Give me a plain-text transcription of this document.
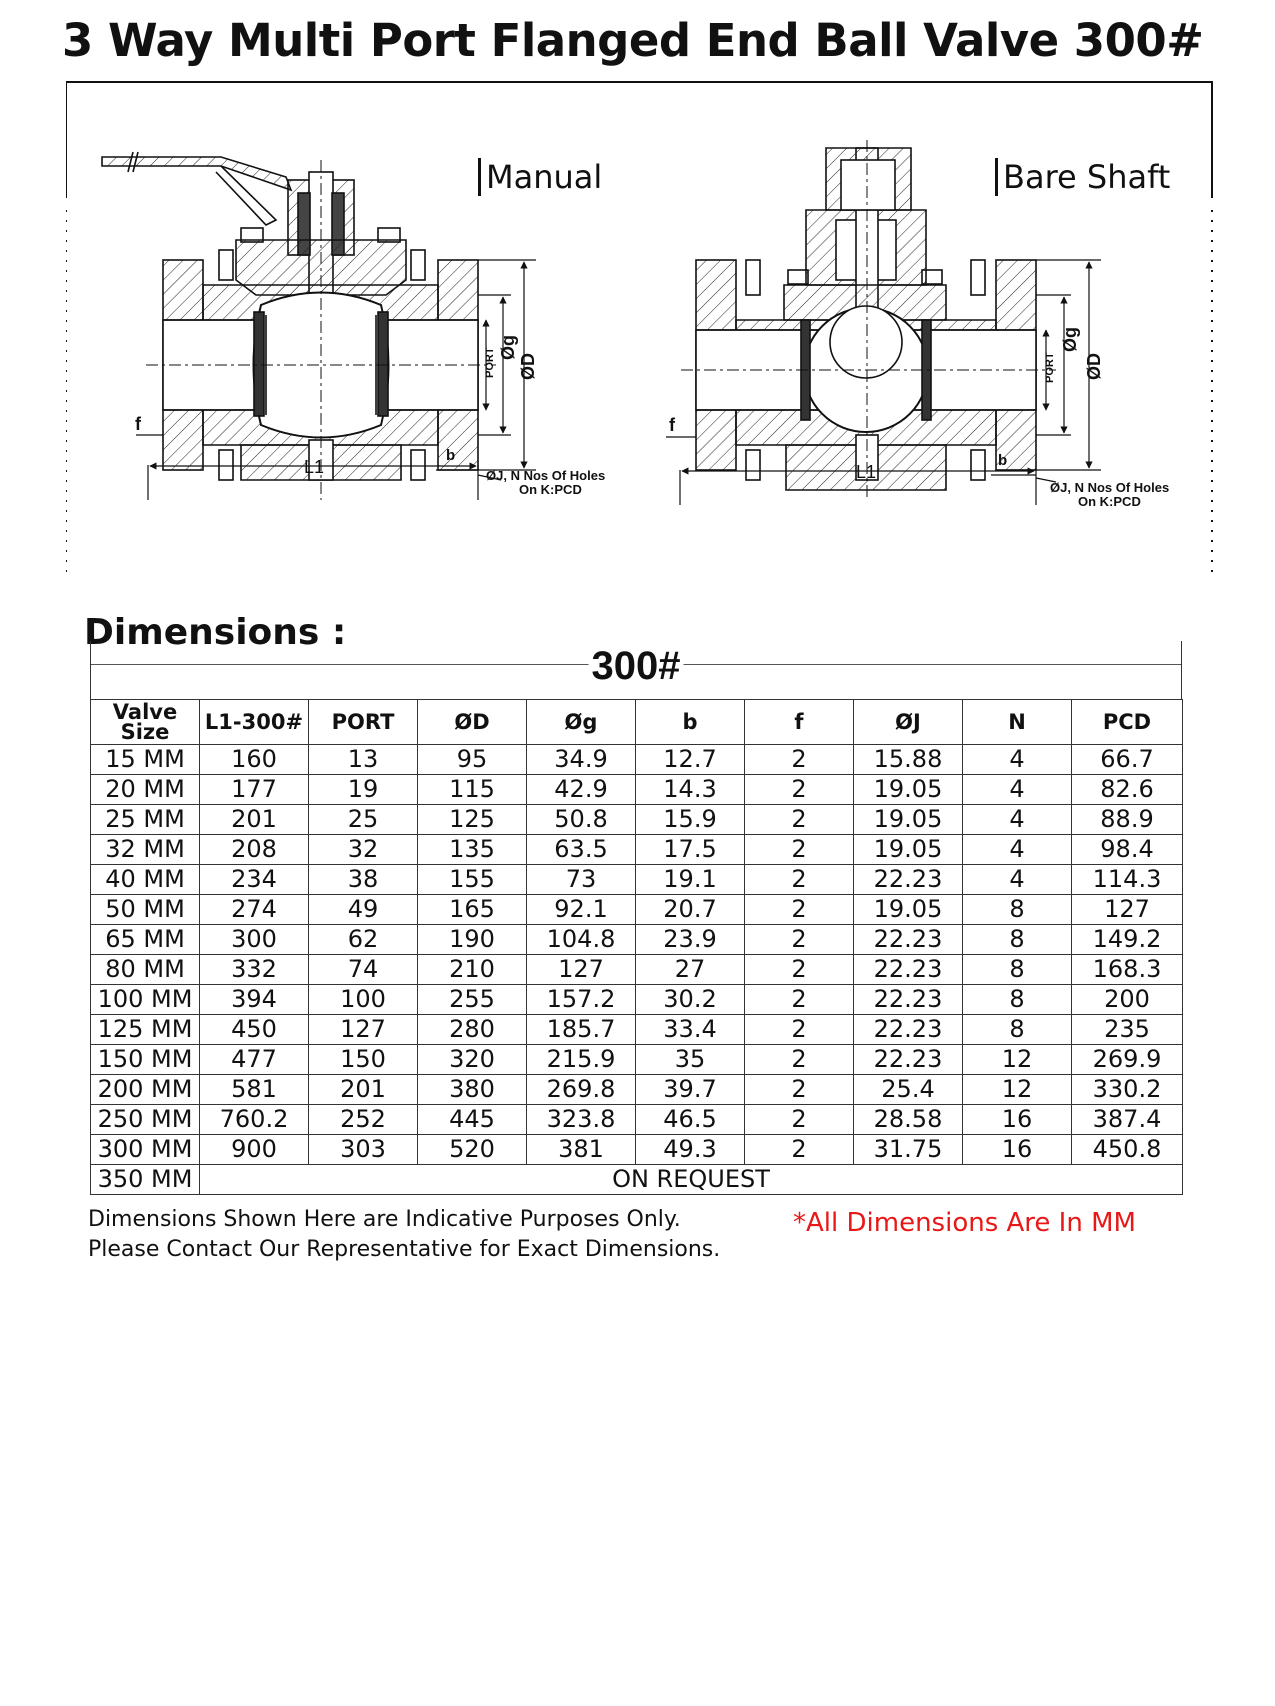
3 Way Multi Port Flanged End Ball Valve 300#
L1
f
b
PORT Øg
ØD
ØJ, N Nos Of Holes
On K:PCD
L1
f
b
PORT
Øg
ØD
ØJ, N Nos Of Holes
On K:PCD
Manual	Bare Shaft
Dimensions :
300#
Valve Size	L1-300#	PORT	ØD	Øg	b	f	ØJ	N	PCD
15 MM	160	13	95	34.9	12.7	2	15.88	4	66.7
20 MM	177	19	115	42.9	14.3	2	19.05	4	82.6
25 MM	201	25	125	50.8	15.9	2	19.05	4	88.9
32 MM	208	32	135	63.5	17.5	2	19.05	4	98.4
40 MM	234	38	155	73	19.1	2	22.23	4	114.3
50 MM	274	49	165	92.1	20.7	2	19.05	8	127
65 MM	300	62	190	104.8	23.9	2	22.23	8	149.2
80 MM	332	74	210	127	27	2	22.23	8	168.3
100 MM	394	100	255	157.2	30.2	2	22.23	8	200
125 MM	450	127	280	185.7	33.4	2	22.23	8	235
150 MM	477	150	320	215.9	35	2	22.23	12	269.9
200 MM	581	201	380	269.8	39.7	2	25.4	12	330.2
250 MM	760.2	252	445	323.8	46.5	2	28.58	16	387.4
300 MM	900	303	520	381	49.3	2	31.75	16	450.8
350 MM	ON REQUEST								
Dimensions Shown Here are Indicative Purposes Only.
Please Contact Our Representative for Exact Dimensions.
*All Dimensions Are In MM
